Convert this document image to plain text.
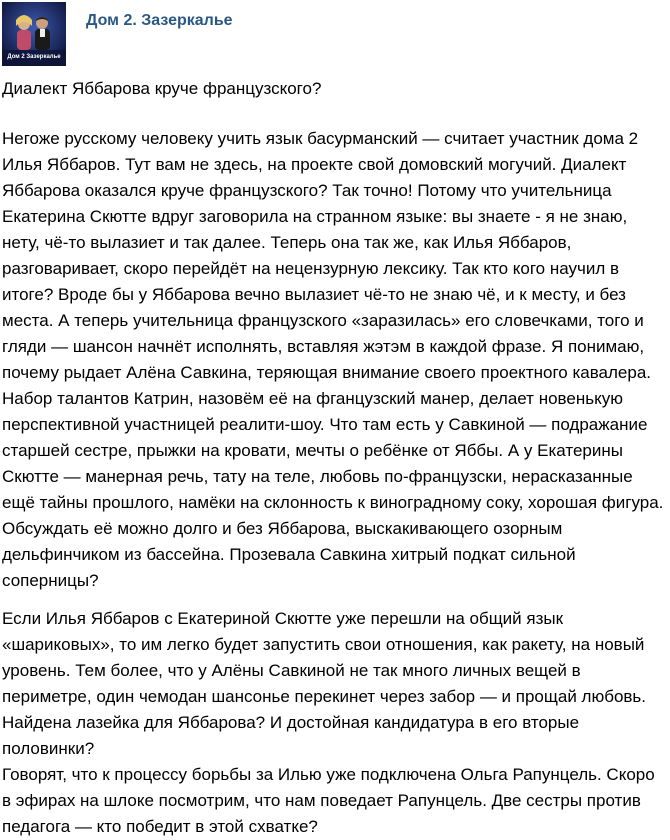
Дом 2 Зазеркалье
Дом 2. Зазеркалье
Диалект Яббарова круче французского?
Негоже русскому человеку учить язык басурманский — считает участник дома 2 Илья Яббаров. Тут вам не здесь, на проекте свой домовский могучий. Диалект Яббарова оказался круче французского? Так точно! Потому что учительница Екатерина Скютте вдруг заговорила на странном языке: вы знаете - я не знаю, нету, чё-то вылазиет и так далее. Теперь она так же, как Илья Яббаров, разговаривает, скоро перейдёт на нецензурную лексику. Так кто кого научил в итоге? Вроде бы у Яббарова вечно вылазиет чё-то не знаю чё, и к месту, и без места. А теперь учительница французского «заразилась» его словечками, того и гляди — шансон начнёт исполнять, вставляя жэтэм в каждой фразе. Я понимаю, почему рыдает Алёна Савкина, теряющая внимание своего проектного кавалера. Набор талантов Катрин, назовём её на фганцузский манер, делает новенькую перспективной участницей реалити-шоу. Что там есть у Савкиной — подражание старшей сестре, прыжки на кровати, мечты о ребёнке от Яббы. А у Екатерины Скютте — манерная речь, тату на теле, любовь по-французски, нерасказанные ещё тайны прошлого, намёки на склонность к виноградному соку, хорошая фигура. Обсуждать её можно долго и без Яббарова, выскакивающего озорным дельфинчиком из бассейна. Прозевала Савкина хитрый подкат сильной соперницы?
Если Илья Яббаров с Екатериной Скютте уже перешли на общий язык «шариковых», то им легко будет запустить свои отношения, как ракету, на новый уровень. Тем более, что у Алёны Савкиной не так много личных вещей в периметре, один чемодан шансонье перекинет через забор — и прощай любовь. Найдена лазейка для Яббарова? И достойная кандидатура в его вторые половинки?
Говорят, что к процессу борьбы за Илью уже подключена Ольга Рапунцель. Скоро в эфирах на шлоке посмотрим, что нам поведает Рапунцель. Две сестры против педагога — кто победит в этой схватке?
